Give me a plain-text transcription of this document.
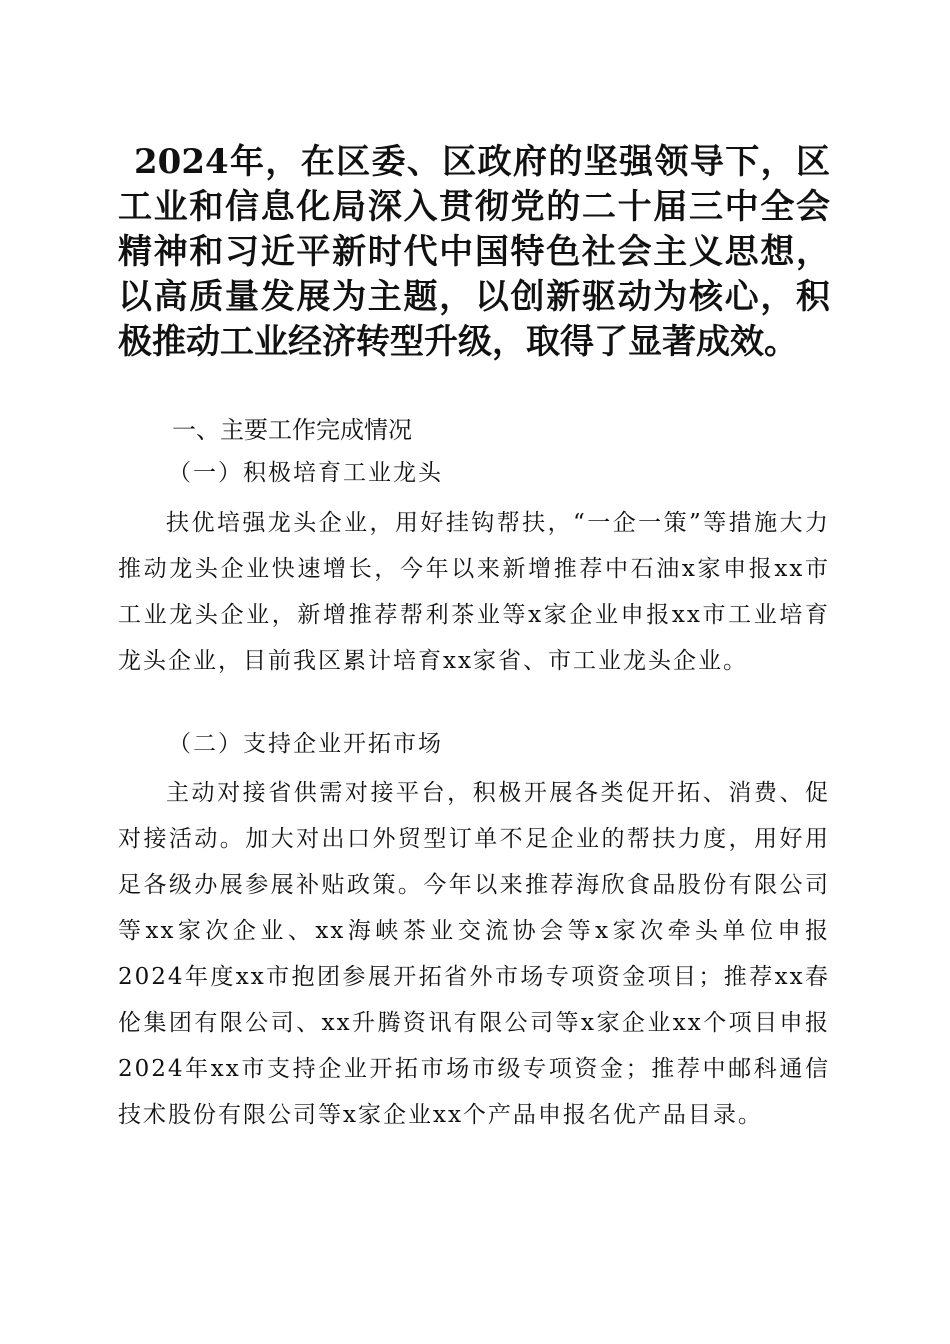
2024年，在区委、区政府的坚强领导下，区工业和信息化局深入贯彻党的二十届三中全会精神和习近平新时代中国特色社会主义思想，以高质量发展为主题，以创新驱动为核心，积极推动工业经济转型升级，取得了显著成效。

一、主要工作完成情况
（一）积极培育工业龙头

扶优培强龙头企业，用好挂钩帮扶，“一企一策”等措施大力推动龙头企业快速增长，今年以来新增推荐中石油x家申报xx市工业龙头企业，新增推荐帮利茶业等x家企业申报xx市工业培育龙头企业，目前我区累计培育xx家省、市工业龙头企业。

（二）支持企业开拓市场

主动对接省供需对接平台，积极开展各类促开拓、消费、促对接活动。加大对出口外贸型订单不足企业的帮扶力度，用好用足各级办展参展补贴政策。今年以来推荐海欣食品股份有限公司等xx家次企业、xx海峡茶业交流协会等x家次牵头单位申报2024年度xx市抱团参展开拓省外市场专项资金项目；推荐xx春伦集团有限公司、xx升腾资讯有限公司等x家企业xx个项目申报2024年xx市支持企业开拓市场市级专项资金；推荐中邮科通信技术股份有限公司等x家企业xx个产品申报名优产品目录。
